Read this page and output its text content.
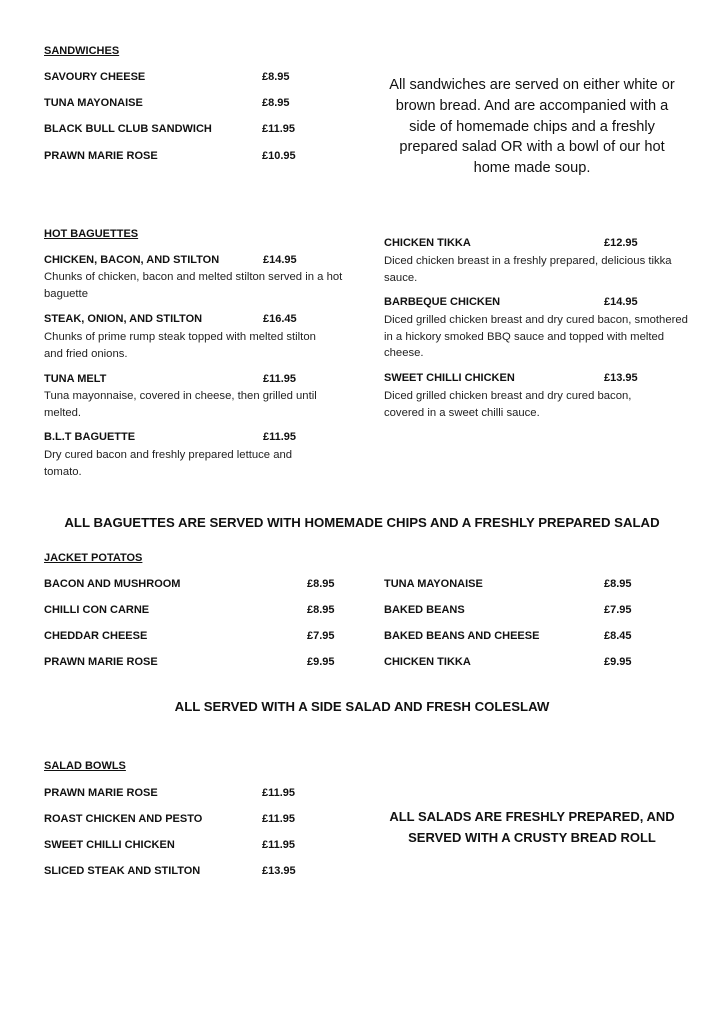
SANDWICHES
SAVOURY CHEESE	£8.95
TUNA MAYONAISE	£8.95
BLACK BULL CLUB SANDWICH	£11.95
PRAWN MARIE ROSE	£10.95
All sandwiches are served on either white or brown bread. And are accompanied with a side of homemade chips and a freshly prepared salad OR with a bowl of our hot home made soup.
HOT BAGUETTES
CHICKEN, BACON, AND STILTON	£14.95
Chunks of chicken, bacon and melted stilton served in a hot baguette
STEAK, ONION, AND STILTON	£16.45
Chunks of prime rump steak topped with melted stilton and fried onions.
TUNA MELT	£11.95
Tuna mayonnaise, covered in cheese, then grilled until melted.
B.L.T BAGUETTE	£11.95
Dry cured bacon and freshly prepared lettuce and tomato.
CHICKEN TIKKA	£12.95
Diced chicken breast in a freshly prepared, delicious tikka sauce.
BARBEQUE CHICKEN	£14.95
Diced grilled chicken breast and dry cured bacon, smothered in a hickory smoked BBQ sauce and topped with melted cheese.
SWEET CHILLI CHICKEN	£13.95
Diced grilled chicken breast and dry cured bacon, covered in a sweet chilli sauce.
ALL BAGUETTES ARE SERVED WITH HOMEMADE CHIPS AND A FRESHLY PREPARED SALAD
JACKET POTATOS
BACON AND MUSHROOM	£8.95
CHILLI CON CARNE	£8.95
CHEDDAR CHEESE	£7.95
PRAWN MARIE ROSE	£9.95
TUNA MAYONAISE	£8.95
BAKED BEANS	£7.95
BAKED BEANS AND CHEESE	£8.45
CHICKEN TIKKA	£9.95
ALL SERVED WITH A SIDE SALAD AND FRESH COLESLAW
SALAD BOWLS
PRAWN MARIE ROSE	£11.95
ROAST CHICKEN AND PESTO	£11.95
SWEET CHILLI CHICKEN	£11.95
SLICED STEAK AND STILTON	£13.95
ALL SALADS ARE FRESHLY PREPARED, AND SERVED WITH A CRUSTY BREAD ROLL
